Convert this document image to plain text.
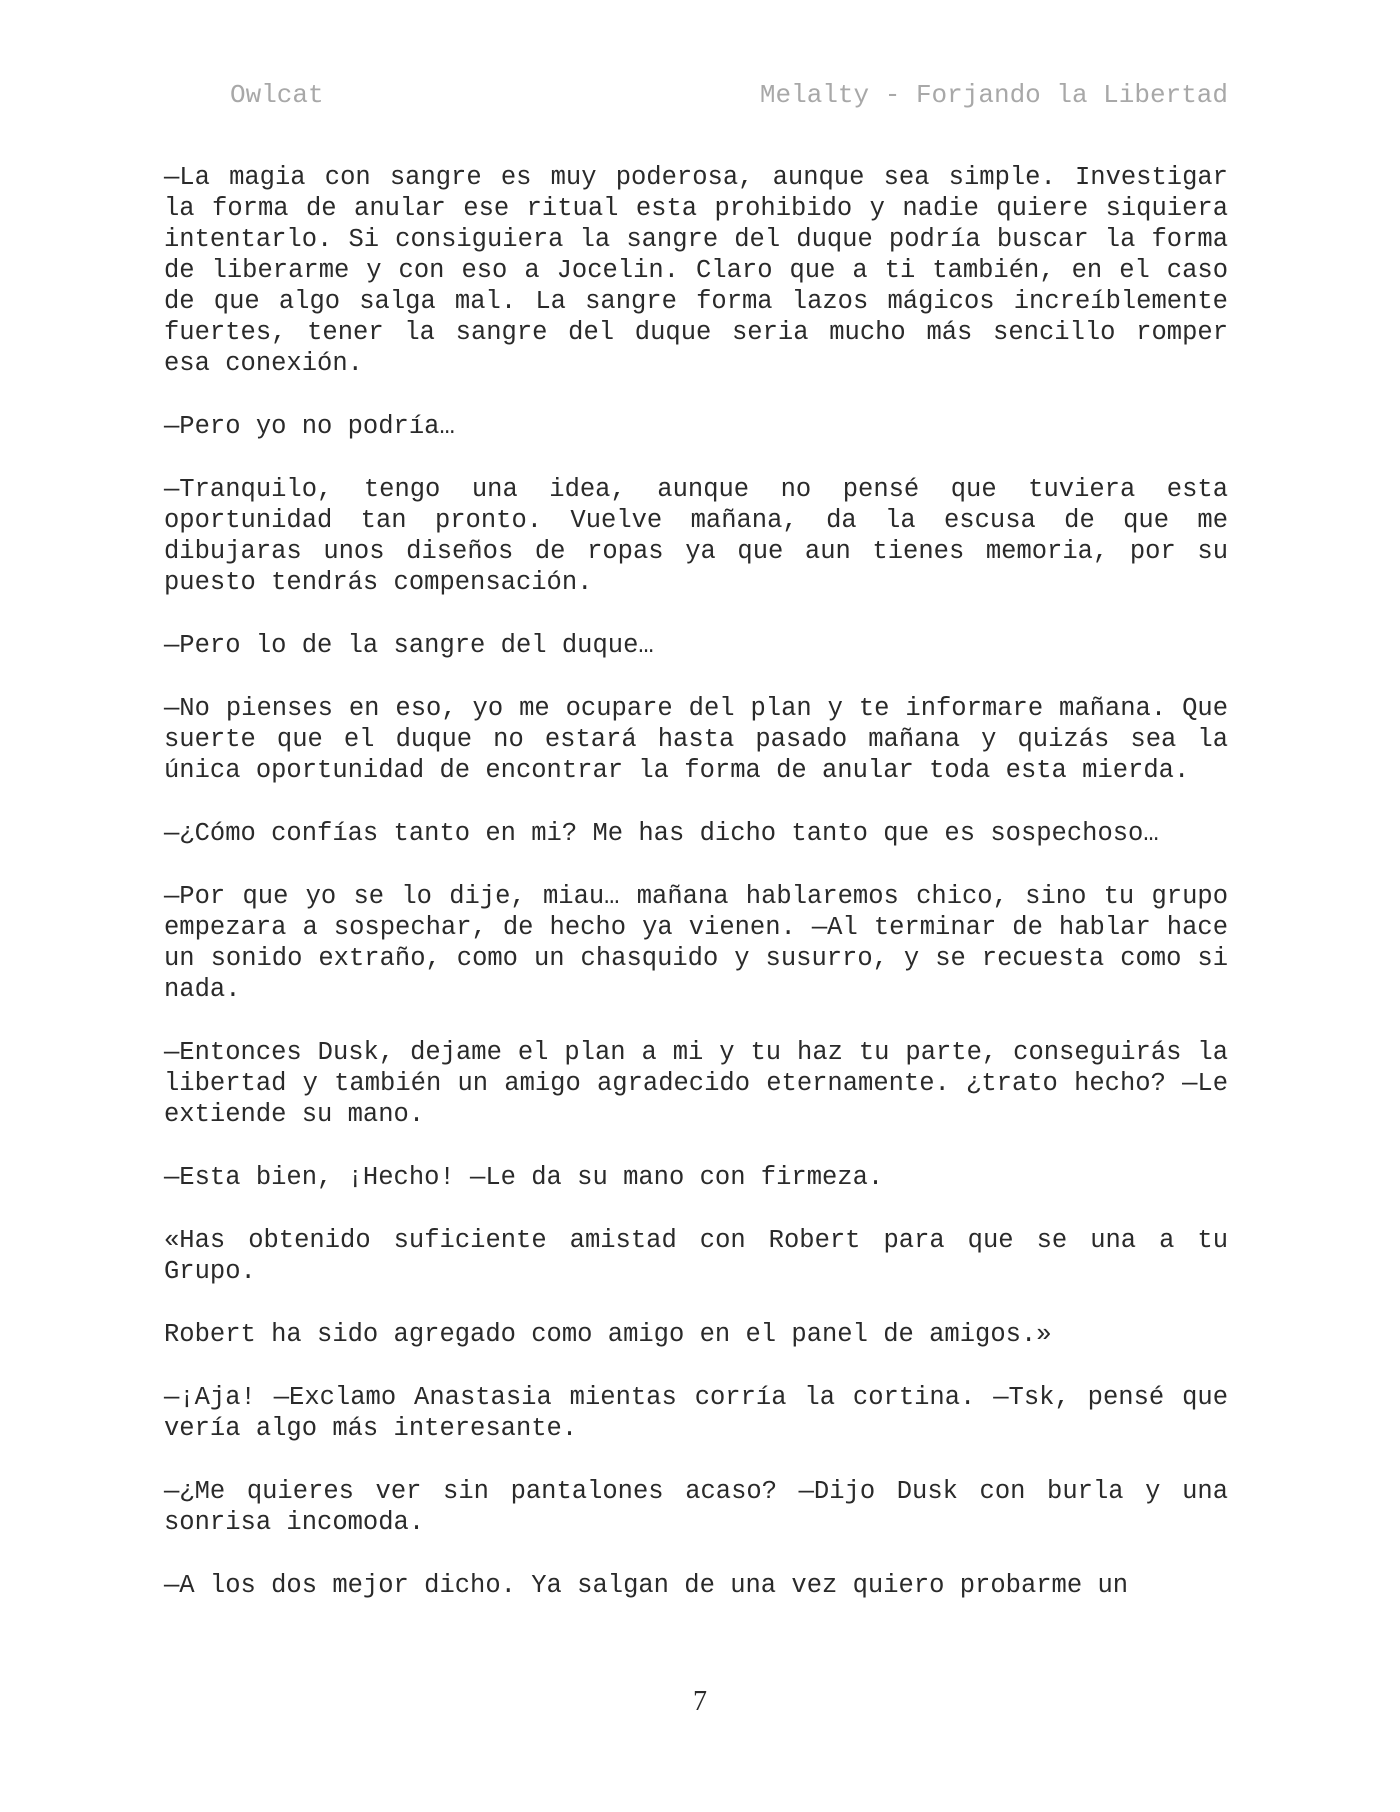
Owlcat	Melalty - Forjando la Libertad

—La magia con sangre es muy poderosa, aunque sea simple. Investigar la forma de anular ese ritual esta prohibido y nadie quiere siquiera intentarlo. Si consiguiera la sangre del duque podría buscar la forma de liberarme y con eso a Jocelin. Claro que a ti también, en el caso de que algo salga mal. La sangre forma lazos mágicos increíblemente fuertes, tener la sangre del duque seria mucho más sencillo romper esa conexión.

—Pero yo no podría…

—Tranquilo, tengo una idea, aunque no pensé que tuviera esta oportunidad tan pronto. Vuelve mañana, da la escusa de que me dibujaras unos diseños de ropas ya que aun tienes memoria, por su puesto tendrás compensación.

—Pero lo de la sangre del duque…

—No pienses en eso, yo me ocupare del plan y te informare mañana. Que suerte que el duque no estará hasta pasado mañana y quizás sea la única oportunidad de encontrar la forma de anular toda esta mierda.

—¿Cómo confías tanto en mi? Me has dicho tanto que es sospechoso…

—Por que yo se lo dije, miau… mañana hablaremos chico, sino tu grupo empezara a sospechar, de hecho ya vienen. —Al terminar de hablar hace un sonido extraño, como un chasquido y susurro, y se recuesta como si nada.

—Entonces Dusk, dejame el plan a mi y tu haz tu parte, conseguirás la libertad y también un amigo agradecido eternamente. ¿trato hecho? —Le extiende su mano.

—Esta bien, ¡Hecho! —Le da su mano con firmeza.

«Has obtenido suficiente amistad con Robert para que se una a tu Grupo.

Robert ha sido agregado como amigo en el panel de amigos.»

—¡Aja! —Exclamo Anastasia mientas corría la cortina. —Tsk, pensé que vería algo más interesante.

—¿Me quieres ver sin pantalones acaso? —Dijo Dusk con burla y una sonrisa incomoda.

—A los dos mejor dicho. Ya salgan de una vez quiero probarme un

7
